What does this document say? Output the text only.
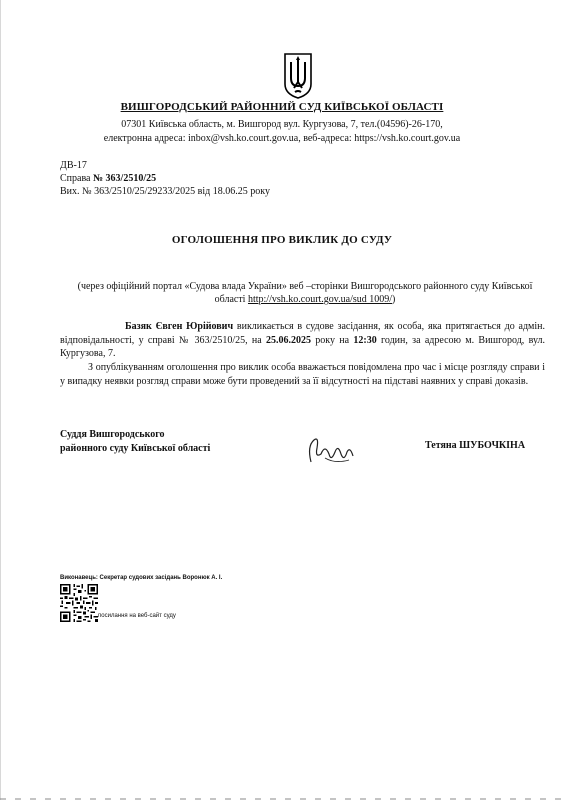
ВИШГОРОДСЬКИЙ РАЙОННИЙ СУД КИЇВСЬКОЇ ОБЛАСТІ
07301 Київська область, м. Вишгород вул. Кургузова, 7, тел.(04596)-26-170,
електронна адреса: inbox@vsh.ko.court.gov.ua, веб-адреса: https://vsh.ko.court.gov.ua
ДВ-17
Справа № 363/2510/25
Вих. № 363/2510/25/29233/2025 від 18.06.25 року
ОГОЛОШЕННЯ ПРО ВИКЛИК ДО СУДУ
(через офіційний портал «Судова влада України» веб –сторінки Вишгородського районного суду Київської області http://vsh.ko.court.gov.ua/sud 1009/)
Базяк Євген Юрійович викликається в судове засідання, як особа, яка притягається до адмін. відповідальності, у справі № 363/2510/25, на 25.06.2025 року на 12:30 годин, за адресою м. Вишгород, вул. Кургузова, 7.
З опублікуванням оголошення про виклик особа вважається повідомлена про час і місце розгляду справи і у випадку неявки розгляд справи може бути проведений за її відсутності на підставі наявних у справі доказів.
Суддя Вишгородського
районного суду Київської області	Тетяна ШУБОЧКІНА
Виконавець: Секретар судових засідань Воронюк А. І.
посилання на веб-сайт суду
